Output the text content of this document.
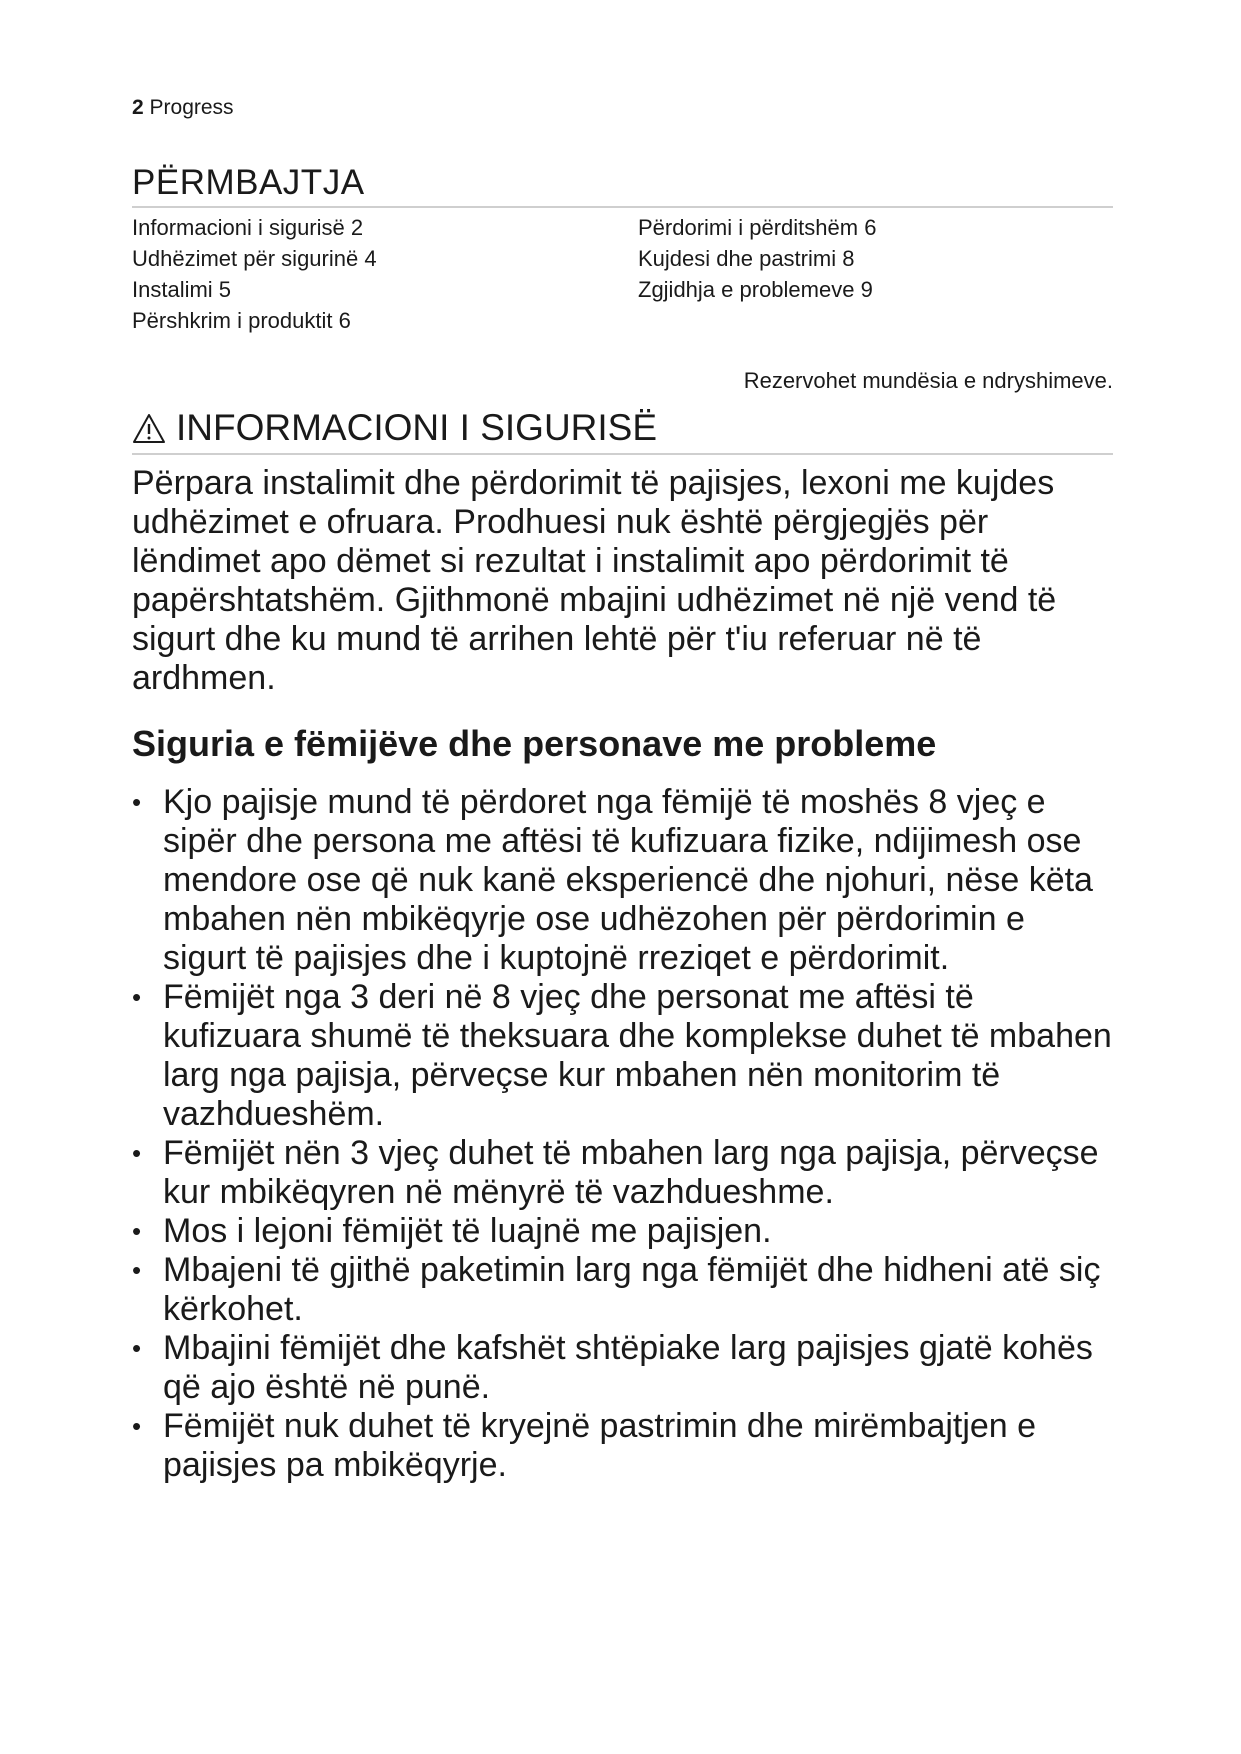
2 Progress
PËRMBAJTJA
Informacioni i sigurisë 2
Udhëzimet për sigurinë 4
Instalimi 5
Përshkrim i produktit 6
Përdorimi i përditshëm 6
Kujdesi dhe pastrimi 8
Zgjidhja e problemeve 9
Rezervohet mundësia e ndryshimeve.
INFORMACIONI I SIGURISË
Përpara instalimit dhe përdorimit të pajisjes, lexoni me kujdes udhëzimet e ofruara. Prodhuesi nuk është përgjegjës për lëndimet apo dëmet si rezultat i instalimit apo përdorimit të papërshtatshëm. Gjithmonë mbajini udhëzimet në një vend të sigurt dhe ku mund të arrihen lehtë për t'iu referuar në të ardhmen.
Siguria e fëmijëve dhe personave me probleme
• Kjo pajisje mund të përdoret nga fëmijë të moshës 8 vjeç e sipër dhe persona me aftësi të kufizuara fizike, ndijimesh ose mendore ose që nuk kanë eksperiencë dhe njohuri, nëse këta mbahen nën mbikëqyrje ose udhëzohen për përdorimin e sigurt të pajisjes dhe i kuptojnë rreziqet e përdorimit.
• Fëmijët nga 3 deri në 8 vjeç dhe personat me aftësi të kufizuara shumë të theksuara dhe komplekse duhet të mbahen larg nga pajisja, përveçse kur mbahen nën monitorim të vazhdueshëm.
• Fëmijët nën 3 vjeç duhet të mbahen larg nga pajisja, përveçse kur mbikëqyren në mënyrë të vazhdueshme.
• Mos i lejoni fëmijët të luajnë me pajisjen.
• Mbajeni të gjithë paketimin larg nga fëmijët dhe hidheni atë siç kërkohet.
• Mbajini fëmijët dhe kafshët shtëpiake larg pajisjes gjatë kohës që ajo është në punë.
• Fëmijët nuk duhet të kryejnë pastrimin dhe mirëmbajtjen e pajisjes pa mbikëqyrje.
